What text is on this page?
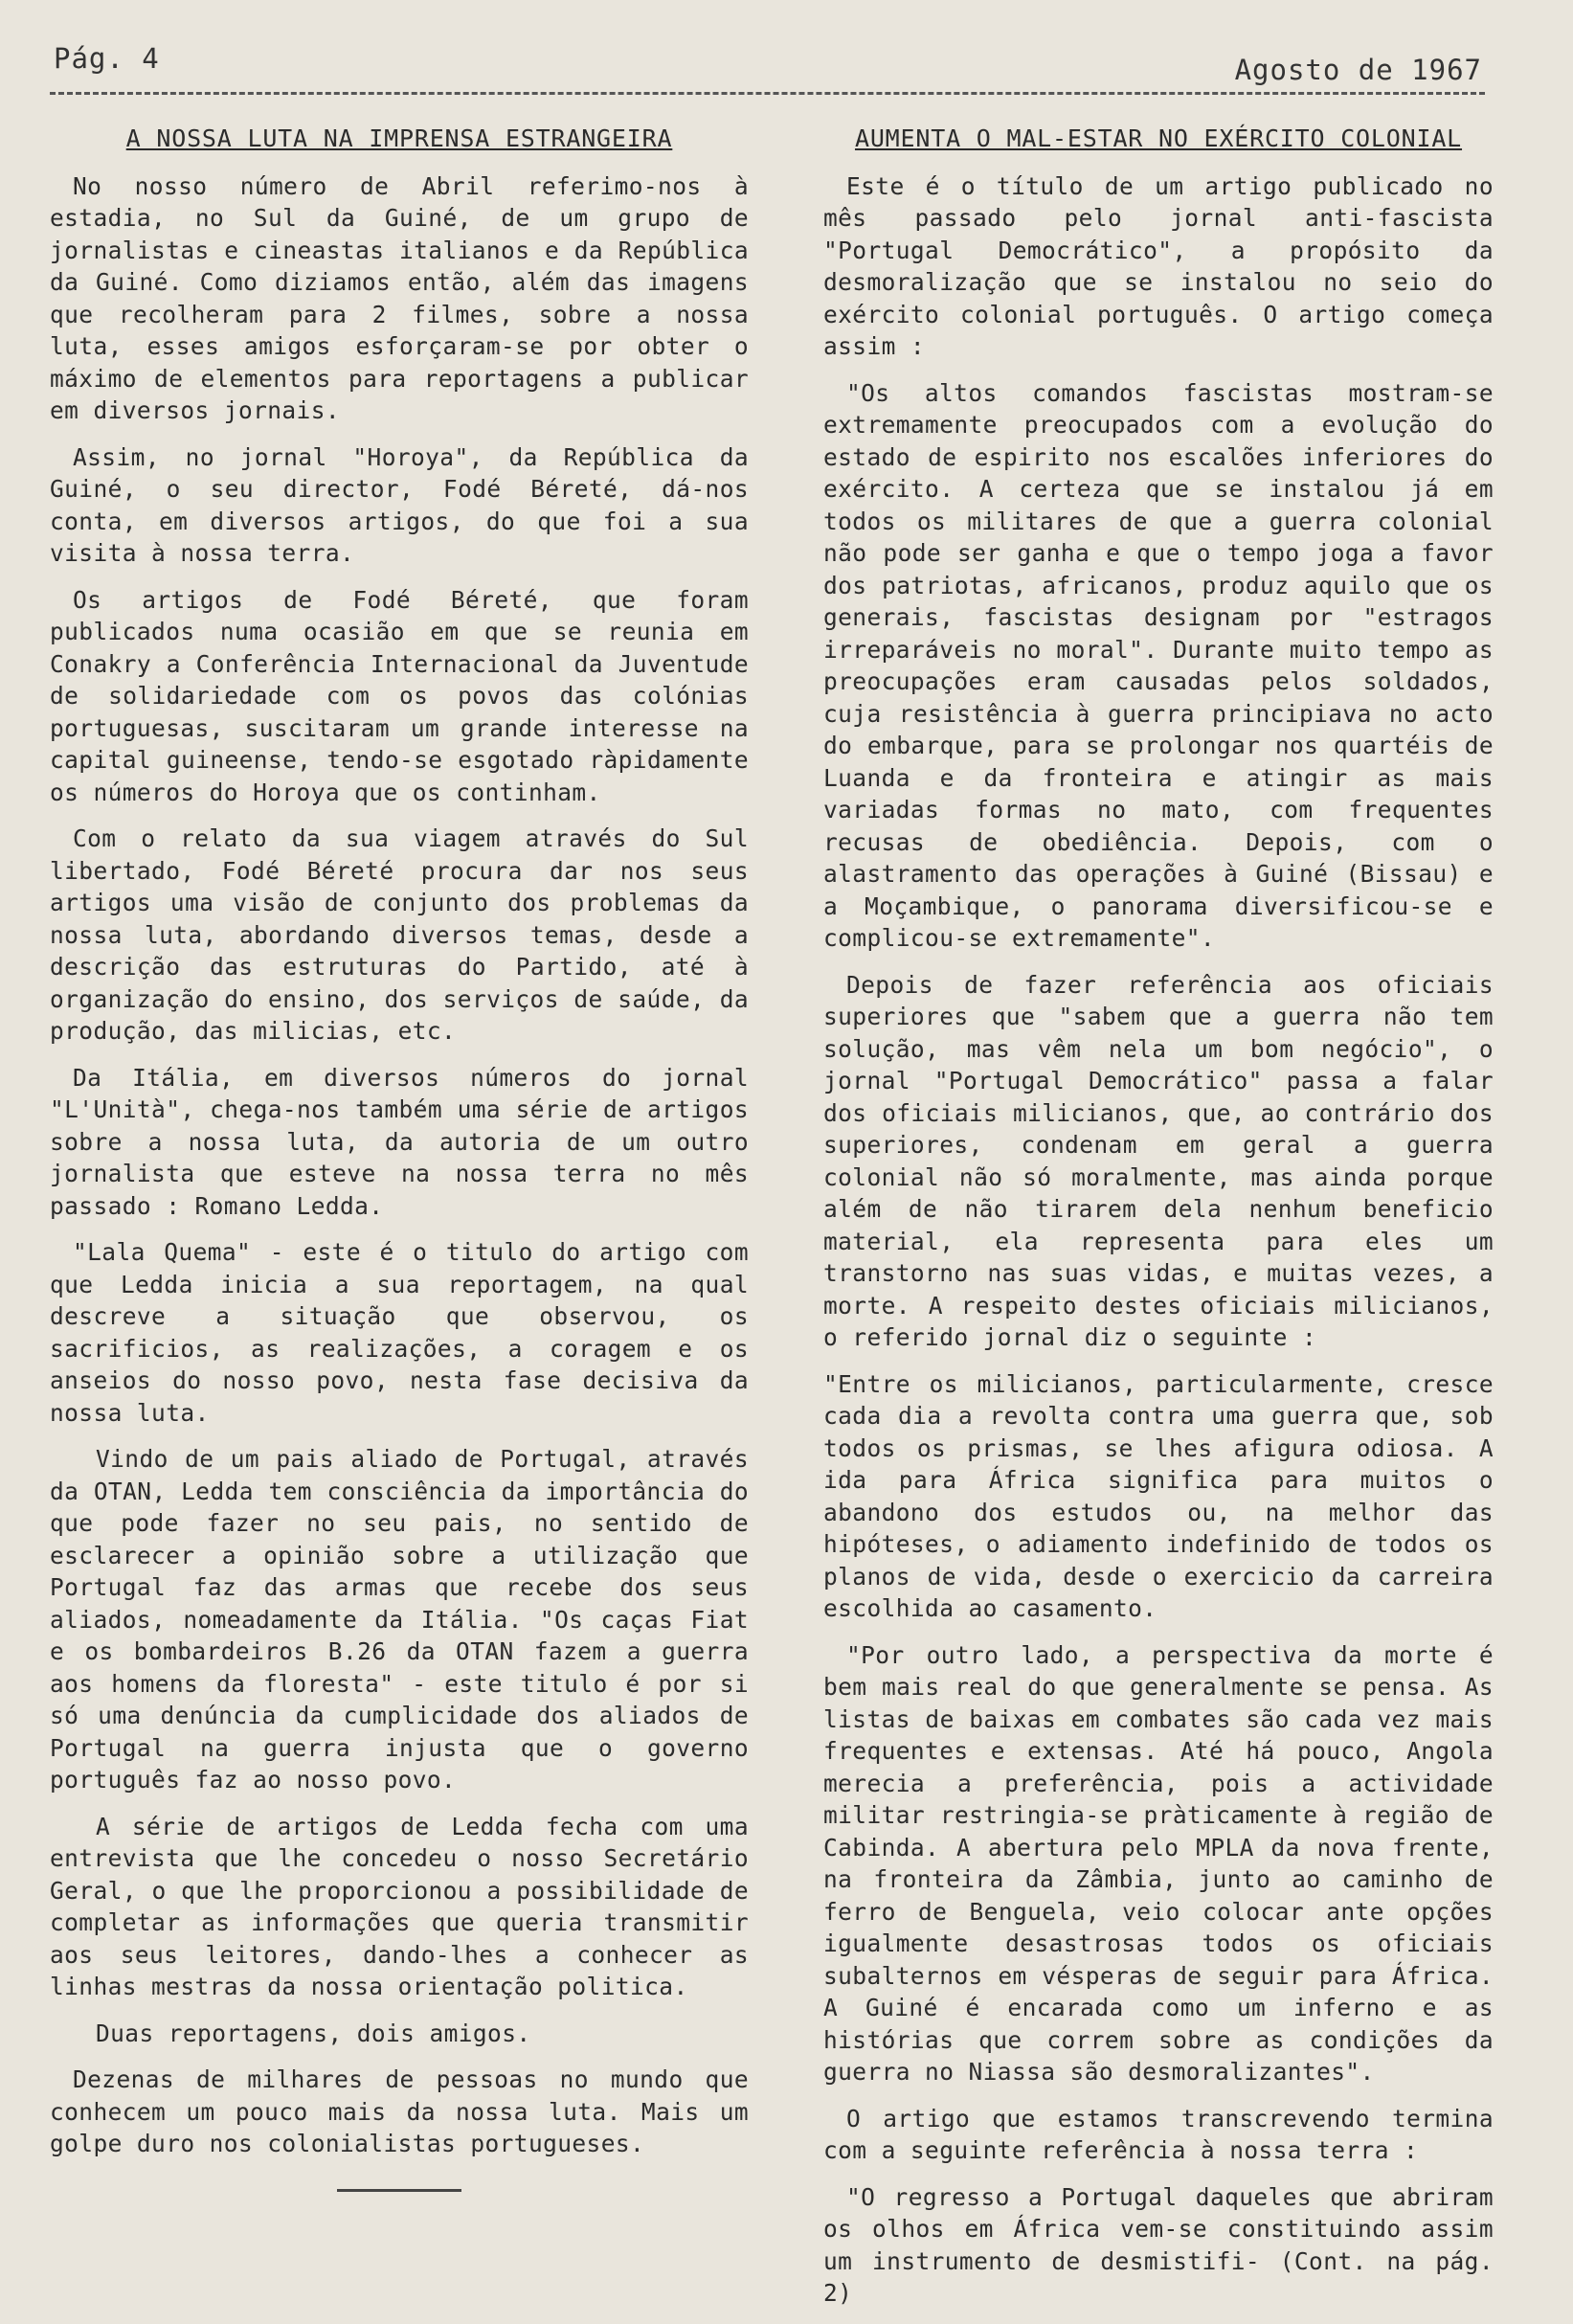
Pág. 4	Agosto de 1967
A NOSSA LUTA NA IMPRENSA ESTRANGEIRA

No nosso número de Abril referimo-nos à estadia, no Sul da Guiné, de um grupo de jornalistas e cineastas italianos e da República da Guiné. Como diziamos então, além das imagens que recolheram para 2 filmes, sobre a nossa luta, esses amigos esforçaram-se por obter o máximo de elementos para reportagens a publicar em diversos jornais.

Assim, no jornal "Horoya", da República da Guiné, o seu director, Fodé Béreté, dá-nos conta, em diversos artigos, do que foi a sua visita à nossa terra.

Os artigos de Fodé Béreté, que foram publicados numa ocasião em que se reunia em Conakry a Conferência Internacional da Juventude de solidariedade com os povos das colónias portuguesas, suscitaram um grande interesse na capital guineense, tendo-se esgotado ràpidamente os números do Horoya que os continham.

Com o relato da sua viagem através do Sul libertado, Fodé Béreté procura dar nos seus artigos uma visão de conjunto dos problemas da nossa luta, abordando diversos temas, desde a descrição das estruturas do Partido, até à organização do ensino, dos serviços de saúde, da produção, das milicias, etc.

Da Itália, em diversos números do jornal "L'Unità", chega-nos também uma série de artigos sobre a nossa luta, da autoria de um outro jornalista que esteve na nossa terra no mês passado : Romano Ledda.

"Lala Quema" - este é o titulo do artigo com que Ledda inicia a sua reportagem, na qual descreve a situação que observou, os sacrificios, as realizações, a coragem e os anseios do nosso povo, nesta fase decisiva da nossa luta.

Vindo de um pais aliado de Portugal, através da OTAN, Ledda tem consciência da importância do que pode fazer no seu pais, no sentido de esclarecer a opinião sobre a utilização que Portugal faz das armas que recebe dos seus aliados, nomeadamente da Itália. "Os caças Fiat e os bombardeiros B.26 da OTAN fazem a guerra aos homens da floresta" - este titulo é por si só uma denúncia da cumplicidade dos aliados de Portugal na guerra injusta que o governo português faz ao nosso povo.

A série de artigos de Ledda fecha com uma entrevista que lhe concedeu o nosso Secretário Geral, o que lhe proporcionou a possibilidade de completar as informações que queria transmitir aos seus leitores, dando-lhes a conhecer as linhas mestras da nossa orientação politica.

Duas reportagens, dois amigos.

Dezenas de milhares de pessoas no mundo que conhecem um pouco mais da nossa luta. Mais um golpe duro nos colonialistas portugueses.

AUMENTA O MAL-ESTAR NO EXÉRCITO COLONIAL

Este é o título de um artigo publicado no mês passado pelo jornal anti-fascista "Portugal Democrático", a propósito da desmoralização que se instalou no seio do exército colonial português. O artigo começa assim :

"Os altos comandos fascistas mostram-se extremamente preocupados com a evolução do estado de espirito nos escalões inferiores do exército. A certeza que se instalou já em todos os militares de que a guerra colonial não pode ser ganha e que o tempo joga a favor dos patriotas, africanos, produz aquilo que os generais, fascistas designam por "estragos irreparáveis no moral". Durante muito tempo as preocupações eram causadas pelos soldados, cuja resistência à guerra principiava no acto do embarque, para se prolongar nos quartéis de Luanda e da fronteira e atingir as mais variadas formas no mato, com frequentes recusas de obediência. Depois, com o alastramento das operações à Guiné (Bissau) e a Moçambique, o panorama diversificou-se e complicou-se extremamente".

Depois de fazer referência aos oficiais superiores que "sabem que a guerra não tem solução, mas vêm nela um bom negócio", o jornal "Portugal Democrático" passa a falar dos oficiais milicianos, que, ao contrário dos superiores, condenam em geral a guerra colonial não só moralmente, mas ainda porque além de não tirarem dela nenhum beneficio material, ela representa para eles um transtorno nas suas vidas, e muitas vezes, a morte. A respeito destes oficiais milicianos, o referido jornal diz o seguinte :

"Entre os milicianos, particularmente, cresce cada dia a revolta contra uma guerra que, sob todos os prismas, se lhes afigura odiosa. A ida para África significa para muitos o abandono dos estudos ou, na melhor das hipóteses, o adiamento indefinido de todos os planos de vida, desde o exercicio da carreira escolhida ao casamento.

"Por outro lado, a perspectiva da morte é bem mais real do que generalmente se pensa. As listas de baixas em combates são cada vez mais frequentes e extensas. Até há pouco, Angola merecia a preferência, pois a actividade militar restringia-se pràticamente à região de Cabinda. A abertura pelo MPLA da nova frente, na fronteira da Zâmbia, junto ao caminho de ferro de Benguela, veio colocar ante opções igualmente desastrosas todos os oficiais subalternos em vésperas de seguir para África. A Guiné é encarada como um inferno e as histórias que correm sobre as condições da guerra no Niassa são desmoralizantes".

O artigo que estamos transcrevendo termina com a seguinte referência à nossa terra :

"O regresso a Portugal daqueles que abriram os olhos em África vem-se constituindo assim um instrumento de desmistifi- (Cont. na pág. 2)
